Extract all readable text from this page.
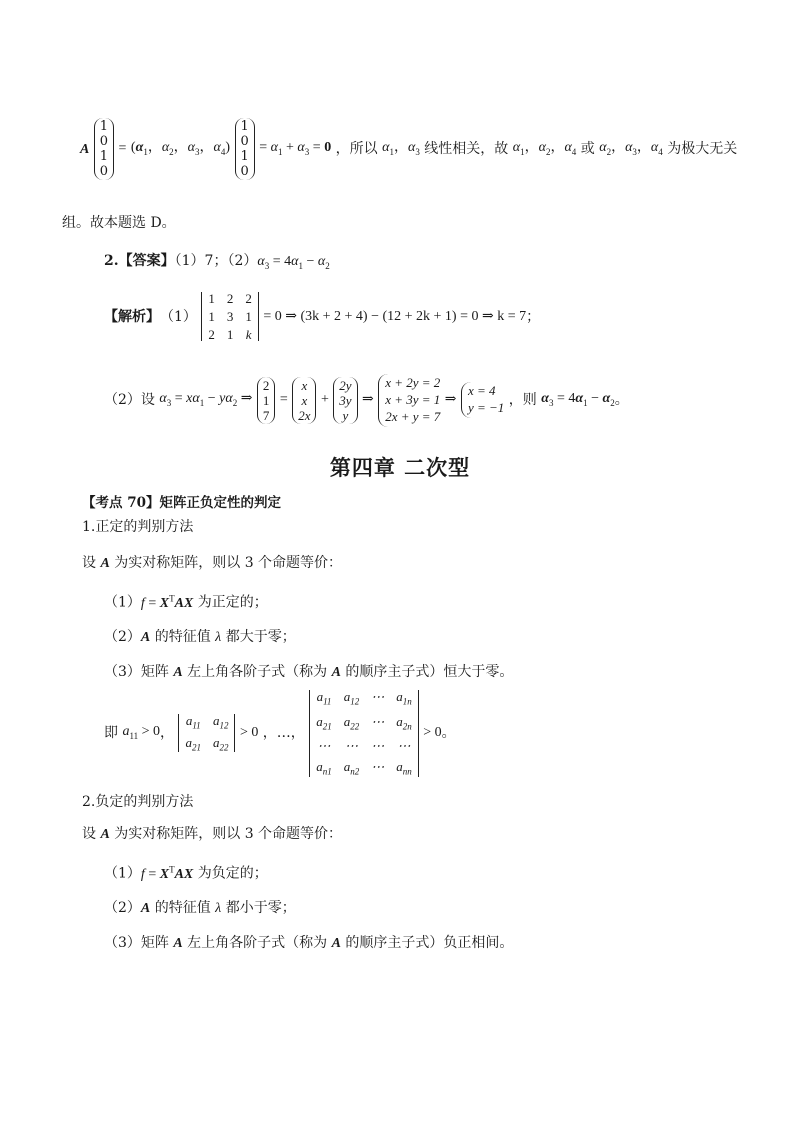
A
1
0
1
0
= ($\alpha_1$，$\alpha_2$，$\alpha_3$，$\alpha_4$)
1
0
1
0
= $\alpha_1 + \alpha_3 = 0$ ，所以 $\alpha_1$，$\alpha_3$ 线性相关，故 $\alpha_1$，$\alpha_2$，$\alpha_4$ 或 $\alpha_2$，$\alpha_3$，$\alpha_4$ 为极大无关
组。故本题选 D。
2.【答案】（1）7；$(2)\alpha_3 = 4\alpha_1 - \alpha_2$
【解析】（1）
1 2 2
1 3 1
2 1 k
= 0 ⇒ (3k + 2 + 4) − (12 + 2k + 1) = 0 ⇒ k = 7；
（2）设 $\alpha_3 = x\alpha_1 - y\alpha_2$ ⇒
2
1
7
=
x
x
2x
+
2y
3y
y
⇒
x + 2y = 2
x + 3y = 1
2x + y = 7
⇒
x = 4
y = −1 ，则 $\alpha_3 = 4\alpha_1 - \alpha_2$。
第四章 二次型
【考点 70】矩阵正负定性的判定
1.正定的判别方法
设 A 为实对称矩阵，则以 3 个命题等价：
$(1)f = X^TAX$ 为正定的；
（2）A 的特征值 λ 都大于零；
（3）矩阵 A 左上角各阶子式（称为 A 的顺序主子式）恒大于零。
即 $a_{11} > 0$，
$a_{11}$ $a_{12}$
$a_{21}$ $a_{22}$
> 0 ，…，
$a_{11}$ $a_{12}$ ⋯ $a_{1n}$
$a_{21}$ $a_{22}$ ⋯ $a_{2n}$
⋯ ⋯ ⋯ ⋯
$a_{n1}$ $a_{n2}$ ⋯ $a_{nn}$
> 0。
2.负定的判别方法
设 A 为实对称矩阵，则以 3 个命题等价：
$(1)f = X^TAX$ 为负定的；
（2）A 的特征值 λ 都小于零；
（3）矩阵 A 左上角各阶子式（称为 A 的顺序主子式）负正相间。
